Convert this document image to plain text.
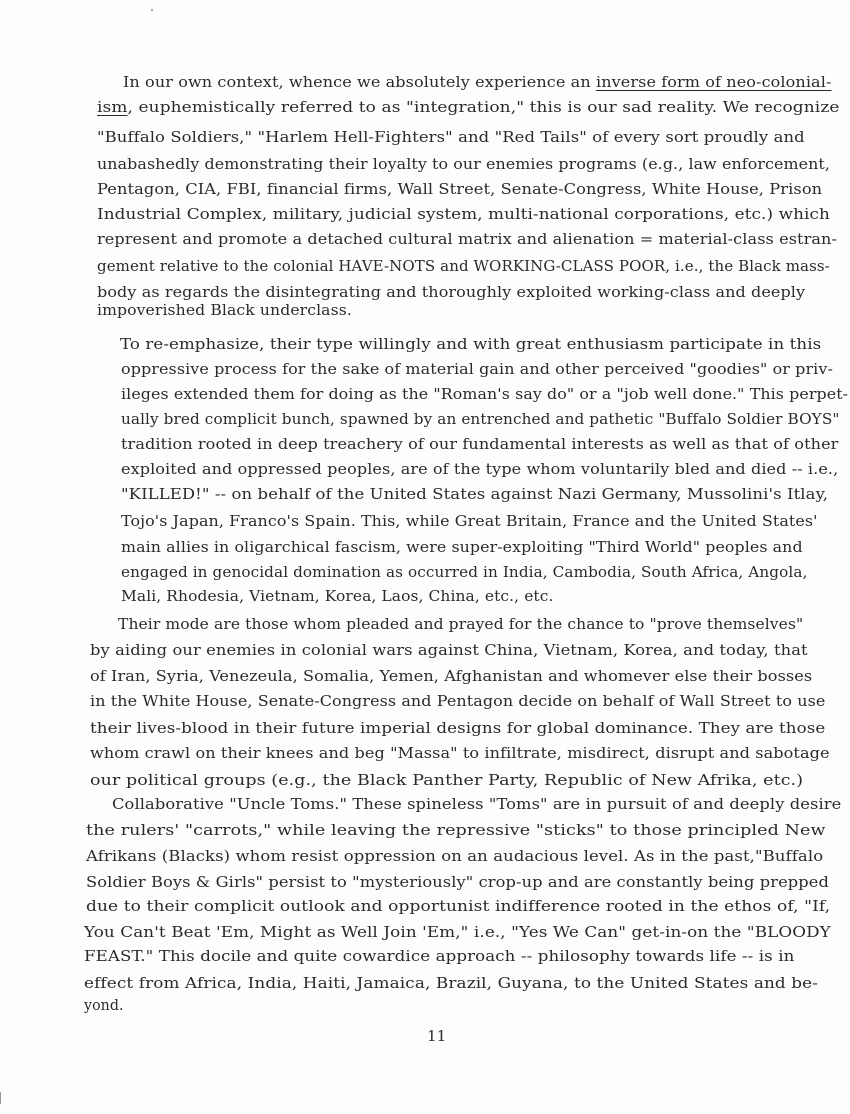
In our own context, whence we absolutely experience an inverse form of neo-colonial-
ism, euphemistically referred to as "integration," this is our sad reality. We recognize
"Buffalo Soldiers," "Harlem Hell-Fighters" and "Red Tails" of every sort proudly and
unabashedly demonstrating their loyalty to our enemies programs (e.g., law enforcement,
Pentagon, CIA, FBI, financial firms, Wall Street, Senate-Congress, White House, Prison
Industrial Complex, military, judicial system, multi-national corporations, etc.) which
represent and promote a detached cultural matrix and alienation = material-class estran-
gement relative to the colonial HAVE-NOTS and WORKING-CLASS POOR, i.e., the Black mass-
body as regards the disintegrating and thoroughly exploited working-class and deeply
impoverished Black underclass.
To re-emphasize, their type willingly and with great enthusiasm participate in this
oppressive process for the sake of material gain and other perceived "goodies" or priv-
ileges extended them for doing as the "Roman's say do" or a "job well done." This perpet-
ually bred complicit bunch, spawned by an entrenched and pathetic "Buffalo Soldier BOYS"
tradition rooted in deep treachery of our fundamental interests as well as that of other
exploited and oppressed peoples, are of the type whom voluntarily bled and died -- i.e.,
"KILLED!" -- on behalf of the United States against Nazi Germany, Mussolini's Itlay,
Tojo's Japan, Franco's Spain. This, while Great Britain, France and the United States'
main allies in oligarchical fascism, were super-exploiting "Third World" peoples and
engaged in genocidal domination as occurred in India, Cambodia, South Africa, Angola,
Mali, Rhodesia, Vietnam, Korea, Laos, China, etc., etc.
Their mode are those whom pleaded and prayed for the chance to "prove themselves"
by aiding our enemies in colonial wars against China, Vietnam, Korea, and today, that
of Iran, Syria, Venezeula, Somalia, Yemen, Afghanistan and whomever else their bosses
in the White House, Senate-Congress and Pentagon decide on behalf of Wall Street to use
their lives-blood in their future imperial designs for global dominance. They are those
whom crawl on their knees and beg "Massa" to infiltrate, misdirect, disrupt and sabotage
our political groups (e.g., the Black Panther Party, Republic of New Afrika, etc.)
Collaborative "Uncle Toms." These spineless "Toms" are in pursuit of and deeply desire
the rulers' "carrots," while leaving the repressive "sticks" to those principled New
Afrikans (Blacks) whom resist oppression on an audacious level. As in the past,"Buffalo
Soldier Boys & Girls" persist to "mysteriously" crop-up and are constantly being prepped
due to their complicit outlook and opportunist indifference rooted in the ethos of, "If,
You Can't Beat 'Em, Might as Well Join 'Em," i.e., "Yes We Can" get-in-on the "BLOODY
FEAST." This docile and quite cowardice approach -- philosophy towards life -- is in
effect from Africa, India, Haiti, Jamaica, Brazil, Guyana, to the United States and be-
yond.
11
